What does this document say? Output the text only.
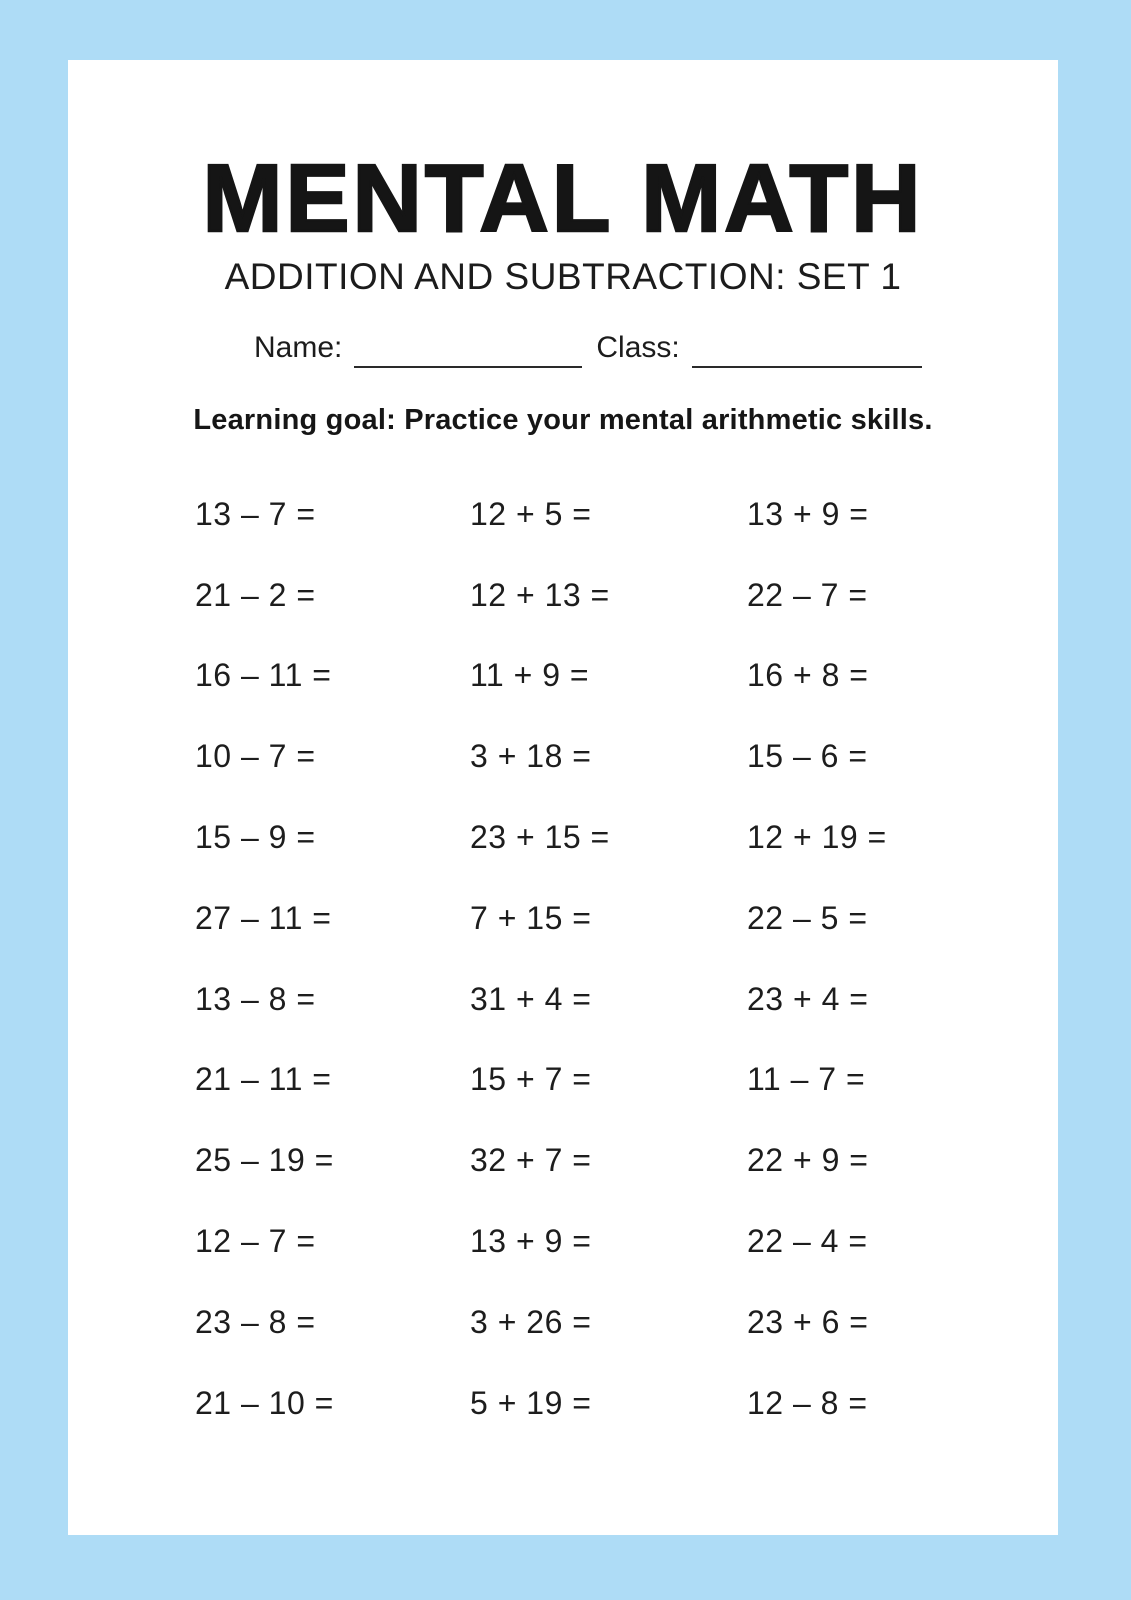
MENTAL MATH
ADDITION AND SUBTRACTION: SET 1
Name:	Class:
Learning goal: Practice your mental arithmetic skills.
13 – 7 =	12 + 5 =	13 + 9 =
21 – 2 =	12 + 13 =	22 – 7 =
16 – 11 =	11 + 9 =	16 + 8 =
10 – 7 =	3 + 18 =	15 – 6 =
15 – 9 =	23 + 15 =	12 + 19 =
27 – 11 =	7 + 15 =	22 – 5 =
13 – 8 =	31 + 4 =	23 + 4 =
21 – 11 =	15 + 7 =	11 – 7 =
25 – 19 =	32 + 7 =	22 + 9 =
12 – 7 =	13 + 9 =	22 – 4 =
23 – 8 =	3 + 26 =	23 + 6 =
21 – 10 =	5 + 19 =	12 – 8 =
